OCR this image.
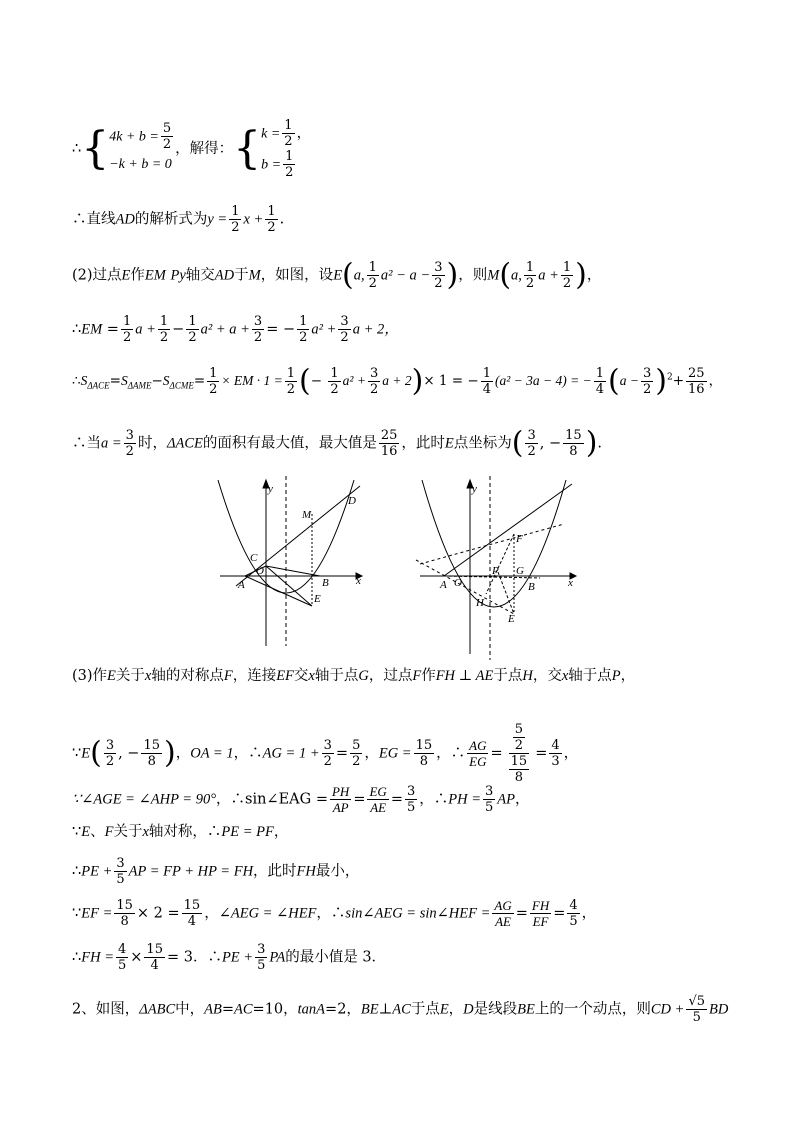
∴{ $4k + b = \frac{5}{2}$
−k + b = 0
，解得：{ $k = \frac{1}{2}$ ，
$b = \frac{1}{2}$
∴直线AD的解析式为$y = \frac{1}{2}$ $x + \frac{1}{2}$ .
(2)过点E作EM Py轴交AD于M，如图，设E(a, $\frac{1}{2} a^2 - a - \frac{3}{2}$ )，则M(a, $\frac{1}{2}$ $a + \frac{1}{2}$ )，
∴EM = $\frac{1}{2}$ $a + \frac{1}{2} - \frac{1}{2} a^2 + a + \frac{3}{2}$ = − $\frac{1}{2} a^2 + \frac{3}{2}$ a + 2，
$\therefore S_{\Delta ACE}=S_{\Delta AME}-S_{\Delta CME}= \frac{1}{2}$ × EM · $1 = \frac{1}{2}$ (− $\frac{1}{2} a^2 + \frac{3}{2}$ a + 2)× 1 = − $\frac{1}{4} (a^2 - 3a - 4)$ = − $\frac{1}{4} (a - \frac{3}{2} )^2+ \frac{25}{16}$ ，
∴当$a = \frac{3}{2}$ 时，ΔACE的面积有最大值，最大值是 $\frac{25}{16}$ ，此时E点坐标为( $\frac{3}{2}$ , − $\frac{15}{8}$ ).
y
x
C
O
A	B
E
M
D
y
x
A O
P G
B
F
H
E
(3)作E关于x轴的对称点F，连接EF交x轴于点G，过点F作FH ⊥ AE于点H，交x轴于点P，
∵E( $\frac{3}{2}$ , − $\frac{15}{8}$ )，OA = 1，∴AG = $1 + \frac{3}{2} = \frac{5}{2}$ ，EG = $\frac{15}{8}$ ，∴ $\frac{AG}{EG} = \frac{\frac{5}{2}}{\frac{15}{8}} = \frac{4}{3}$ ，
∵∠AGE = ∠AHP = 90°，∴sin∠EAG = $\frac{PH}{AP} = \frac{EG}{AE} = \frac{3}{5}$ ，∴PH = $\frac{3}{5}$ AP，
∵E、F关于x轴对称，∴PE = PF，
∴PE + $\frac{3}{5}$ AP = FP + HP = FH，此时FH最小，
∵EF = $\frac{15}{8} \times 2 = \frac{15}{4}$ ，∠AEG = ∠HEF，∴sin∠AEG = sin∠HEF = $\frac{AG}{AE} = \frac{FH}{EF} = \frac{4}{5}$ ，
∴FH = $\frac{4}{5} \times \frac{15}{4} = 3$．∴PE + $\frac{3}{5}$ PA的最小值是 3．
2、如图，ΔABC中，AB=AC=10，tanA=2，BE⊥AC于点E，D是线段BE上的一个动点，则CD + $\frac{√5}{5}$ BD
